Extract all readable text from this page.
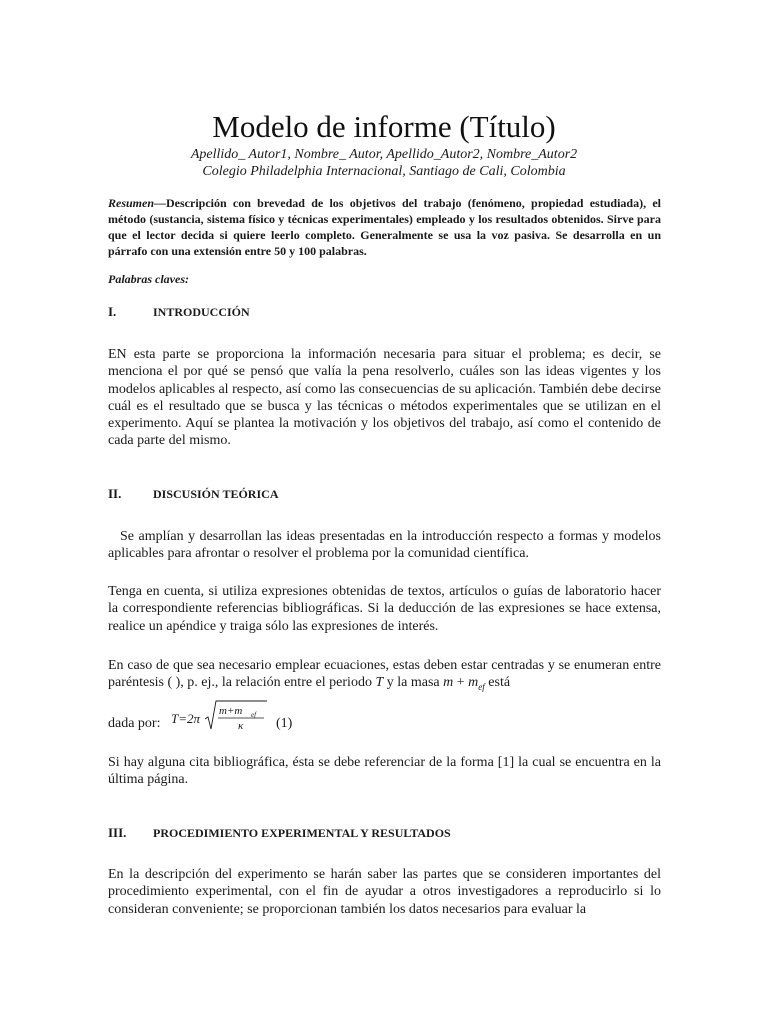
Modelo de informe (Título)
Apellido_ Autor1, Nombre_ Autor, Apellido_Autor2, Nombre_Autor2
Colegio Philadelphia Internacional, Santiago de Cali, Colombia
Resumen—Descripción con brevedad de los objetivos del trabajo (fenómeno, propiedad estudiada), el método (sustancia, sistema físico y técnicas experimentales) empleado y los resultados obtenidos. Sirve para que el lector decida si quiere leerlo completo. Generalmente se usa la voz pasiva. Se desarrolla en un párrafo con una extensión entre 50 y 100 palabras.
Palabras claves:
I.	INTRODUCCIÓN
EN esta parte se proporciona la información necesaria para situar el problema; es decir, se menciona el por qué se pensó que valía la pena resolverlo, cuáles son las ideas vigentes y los modelos aplicables al respecto, así como las consecuencias de su aplicación. También debe decirse cuál es el resultado que se busca y las técnicas o métodos experimentales que se utilizan en el experimento. Aquí se plantea la motivación y los objetivos del trabajo, así como el contenido de cada parte del mismo.
II.	DISCUSIÓN TEÓRICA
Se amplían y desarrollan las ideas presentadas en la introducción respecto a formas y modelos aplicables para afrontar o resolver el problema por la comunidad científica.
Tenga en cuenta, si utiliza expresiones obtenidas de textos, artículos o guías de laboratorio hacer la correspondiente referencias bibliográficas. Si la deducción de las expresiones se hace extensa, realice un apéndice y traiga sólo las expresiones de interés.
En caso de que sea necesario emplear ecuaciones, estas deben estar centradas y se enumeran entre paréntesis ( ), p. ej., la relación entre el periodo T y la masa $m + m_{ef}$ está
dada por: T=2π m+m ef
κ (1)
Si hay alguna cita bibliográfica, ésta se debe referenciar de la forma [1] la cual se encuentra en la última página.
III. PROCEDIMIENTO EXPERIMENTAL Y RESULTADOS
En la descripción del experimento se harán saber las partes que se consideren importantes del procedimiento experimental, con el fin de ayudar a otros investigadores a reproducirlo si lo consideran conveniente; se proporcionan también los datos necesarios para evaluar la
